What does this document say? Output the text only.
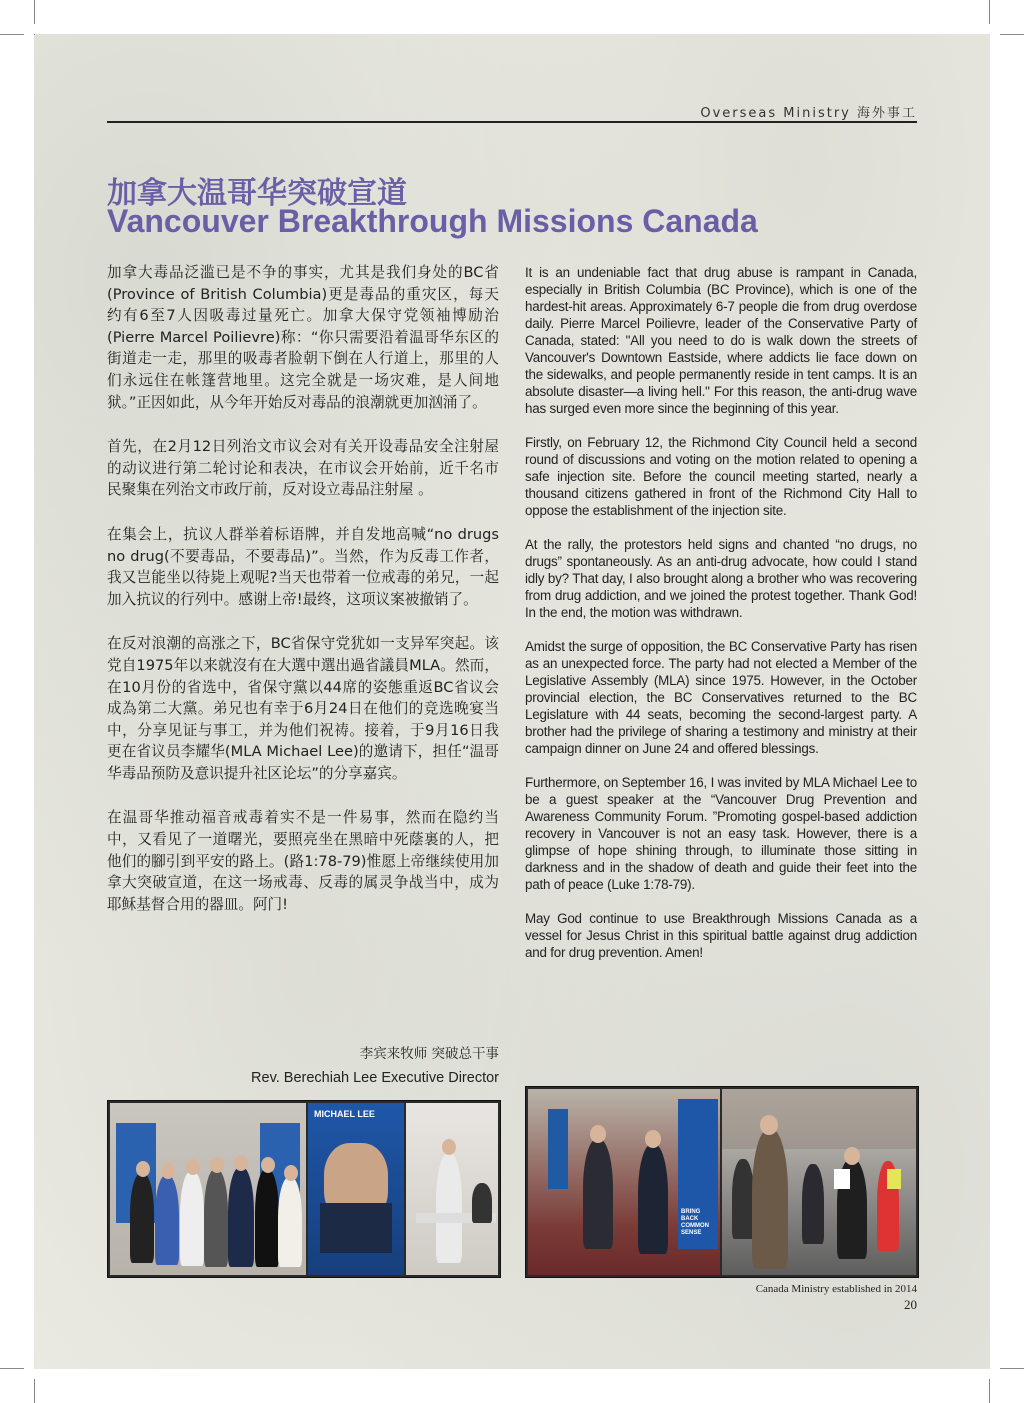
Overseas Ministry 海外事工
加拿大温哥华突破宣道
Vancouver Breakthrough Missions Canada

加拿大毒品泛滥已是不争的事实，尤其是我们身处的BC省(Province of British Columbia)更是毒品的重灾区，每天约有6至7人因吸毒过量死亡。加拿大保守党领袖博励治(Pierre Marcel Poilievre)称：“你只需要沿着温哥华东区的街道走一走，那里的吸毒者脸朝下倒在人行道上，那里的人们永远住在帐篷营地里。这完全就是一场灾难，是人间地狱。”正因如此，从今年开始反对毒品的浪潮就更加汹涌了。

首先，在2月12日列治文市议会对有关开设毒品安全注射屋的动议进行第二轮讨论和表决，在市议会开始前，近千名市民聚集在列治文市政厅前，反对设立毒品注射屋 。

在集会上，抗议人群举着标语牌，并自发地高喊“no drugs no drug(不要毒品，不要毒品)”。当然，作为反毒工作者，我又岂能坐以待毙上观呢?当天也带着一位戒毒的弟兄，一起加入抗议的行列中。感谢上帝!最终，这项议案被撤销了。

在反对浪潮的高涨之下，BC省保守党犹如一支异军突起。该党自1975年以来就沒有在大選中選出過省議員MLA。然而，在10月份的省选中，省保守黨以44席的姿態重返BC省议会成為第二大黨。弟兄也有幸于6月24日在他们的竞选晚宴当中，分享见证与事工，并为他们祝祷。接着，于9月16日我更在省议员李耀华(MLA Michael Lee)的邀请下，担任“温哥华毒品预防及意识提升社区论坛”的分享嘉宾。

在温哥华推动福音戒毒着实不是一件易事，然而在隐约当中，又看见了一道曙光，要照亮坐在黑暗中死蔭裏的人，把他们的腳引到平安的路上。(路1:78-79)惟愿上帝继续使用加拿大突破宣道，在这一场戒毒、反毒的属灵争战当中，成为耶稣基督合用的器皿。阿门!

It is an undeniable fact that drug abuse is rampant in Canada, especially in British Columbia (BC Province), which is one of the hardest-hit areas. Approximately 6-7 people die from drug overdose daily. Pierre Marcel Poilievre, leader of the Conservative Party of Canada, stated: "All you need to do is walk down the streets of Vancouver's Downtown Eastside, where addicts lie face down on the sidewalks, and people permanently reside in tent camps. It is an absolute disaster—a living hell." For this reason, the anti-drug wave has surged even more since the beginning of this year.

Firstly, on February 12, the Richmond City Council held a second round of discussions and voting on the motion related to opening a safe injection site. Before the council meeting started, nearly a thousand citizens gathered in front of the Richmond City Hall to oppose the establishment of the injection site.

At the rally, the protestors held signs and chanted “no drugs, no drugs” spontaneously. As an anti-drug advocate, how could I stand idly by? That day, I also brought along a brother who was recovering from drug addiction, and we joined the protest together. Thank God! In the end, the motion was withdrawn.

Amidst the surge of opposition, the BC Conservative Party has risen as an unexpected force. The party had not elected a Member of the Legislative Assembly (MLA) since 1975. However, in the October provincial election, the BC Conservatives returned to the BC Legislature with 44 seats, becoming the second-largest party. A brother had the privilege of sharing a testimony and ministry at their campaign dinner on June 24 and offered blessings.

Furthermore, on September 16, I was invited by MLA Michael Lee to be a guest speaker at the “Vancouver Drug Prevention and Awareness Community Forum. ”Promoting gospel-based addiction recovery in Vancouver is not an easy task. However, there is a glimpse of hope shining through, to illuminate those sitting in darkness and in the shadow of death and guide their feet into the path of peace (Luke 1:78-79).

May God continue to use Breakthrough Missions Canada as a vessel for Jesus Christ in this spiritual battle against drug addiction and for drug prevention. Amen!

李宾来牧师 突破总干事
Rev. Berechiah Lee Executive Director
MICHAEL LEE
BRING BACK COMMON SENSE
Canada Ministry established in 2014
20
